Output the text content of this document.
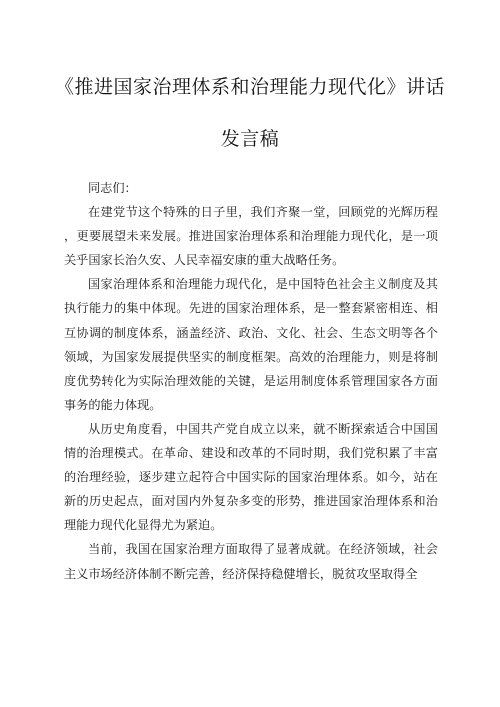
《推进国家治理体系和治理能力现代化》讲话
发言稿

同志们：

在建党节这个特殊的日子里，我们齐聚一堂，回顾党的光辉历程，更要展望未来发展。推进国家治理体系和治理能力现代化，是一项关乎国家长治久安、人民幸福安康的重大战略任务。

国家治理体系和治理能力现代化，是中国特色社会主义制度及其执行能力的集中体现。先进的国家治理体系，是一整套紧密相连、相互协调的制度体系，涵盖经济、政治、文化、社会、生态文明等各个领域，为国家发展提供坚实的制度框架。高效的治理能力，则是将制度优势转化为实际治理效能的关键，是运用制度体系管理国家各方面事务的能力体现。

从历史角度看，中国共产党自成立以来，就不断探索适合中国国情的治理模式。在革命、建设和改革的不同时期，我们党积累了丰富的治理经验，逐步建立起符合中国实际的国家治理体系。如今，站在新的历史起点，面对国内外复杂多变的形势，推进国家治理体系和治理能力现代化显得尤为紧迫。

当前，我国在国家治理方面取得了显著成就。在经济领域，社会主义市场经济体制不断完善，经济保持稳健增长，脱贫攻坚取得全
